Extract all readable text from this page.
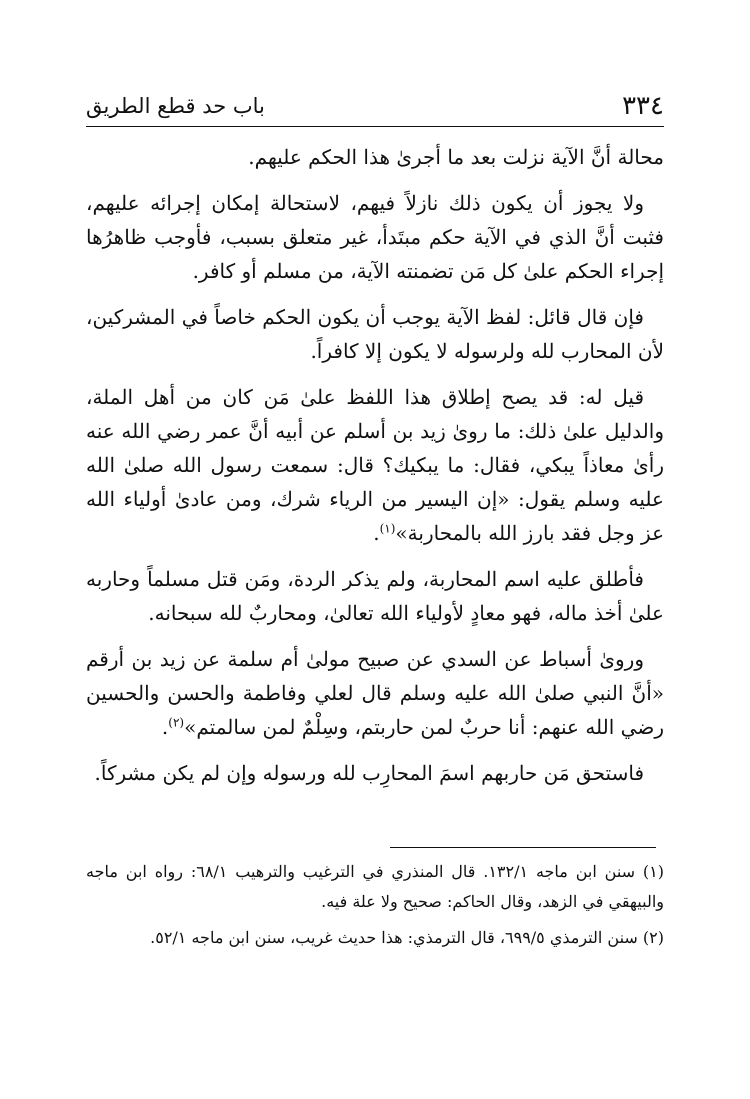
٣٣٤
باب حد قطع الطريق

محالة أنَّ الآية نزلت بعد ما أجرىٰ هذا الحكم عليهم.

ولا يجوز أن يكون ذلك نازلاً فيهم، لاستحالة إمكان إجرائه عليهم، فثبت أنَّ الذي في الآية حكم مبتَدأ، غير متعلق بسبب، فأوجب ظاهرُها إجراء الحكم علىٰ كل مَن تضمنته الآية، من مسلم أو كافر.

فإن قال قائل: لفظ الآية يوجب أن يكون الحكم خاصاً في المشركين، لأن المحارب لله ولرسوله لا يكون إلا كافراً.

قيل له: قد يصح إطلاق هذا اللفظ علىٰ مَن كان من أهل الملة، والدليل علىٰ ذلك: ما روىٰ زيد بن أسلم عن أبيه أنَّ عمر رضي الله عنه رأىٰ معاذاً يبكي، فقال: ما يبكيك؟ قال: سمعت رسول الله صلىٰ الله عليه وسلم يقول: «إن اليسير من الرياء شرك، ومن عادىٰ أولياء الله عز وجل فقد بارز الله بالمحاربة»$^{(١)}$.

فأطلق عليه اسم المحاربة، ولم يذكر الردة، ومَن قتل مسلماً وحاربه علىٰ أخذ ماله، فهو معادٍ لأولياء الله تعالىٰ، ومحاربٌ لله سبحانه.

وروىٰ أسباط عن السدي عن صبيح مولىٰ أم سلمة عن زيد بن أرقم «أنَّ النبي صلىٰ الله عليه وسلم قال لعلي وفاطمة والحسن والحسين رضي الله عنهم: أنا حربٌ لمن حاربتم، وسِلْمٌ لمن سالمتم»$^{(٢)}$.

فاستحق مَن حاربهم اسمَ المحارِب لله ورسوله وإن لم يكن مشركاً.

(١) سنن ابن ماجه ١٣٢/١. قال المنذري في الترغيب والترهيب ٦٨/١: رواه ابن ماجه والبيهقي في الزهد، وقال الحاكم: صحيح ولا علة فيه.

(٢) سنن الترمذي ٦٩٩/٥، قال الترمذي: هذا حديث غريب، سنن ابن ماجه ٥٢/١.
